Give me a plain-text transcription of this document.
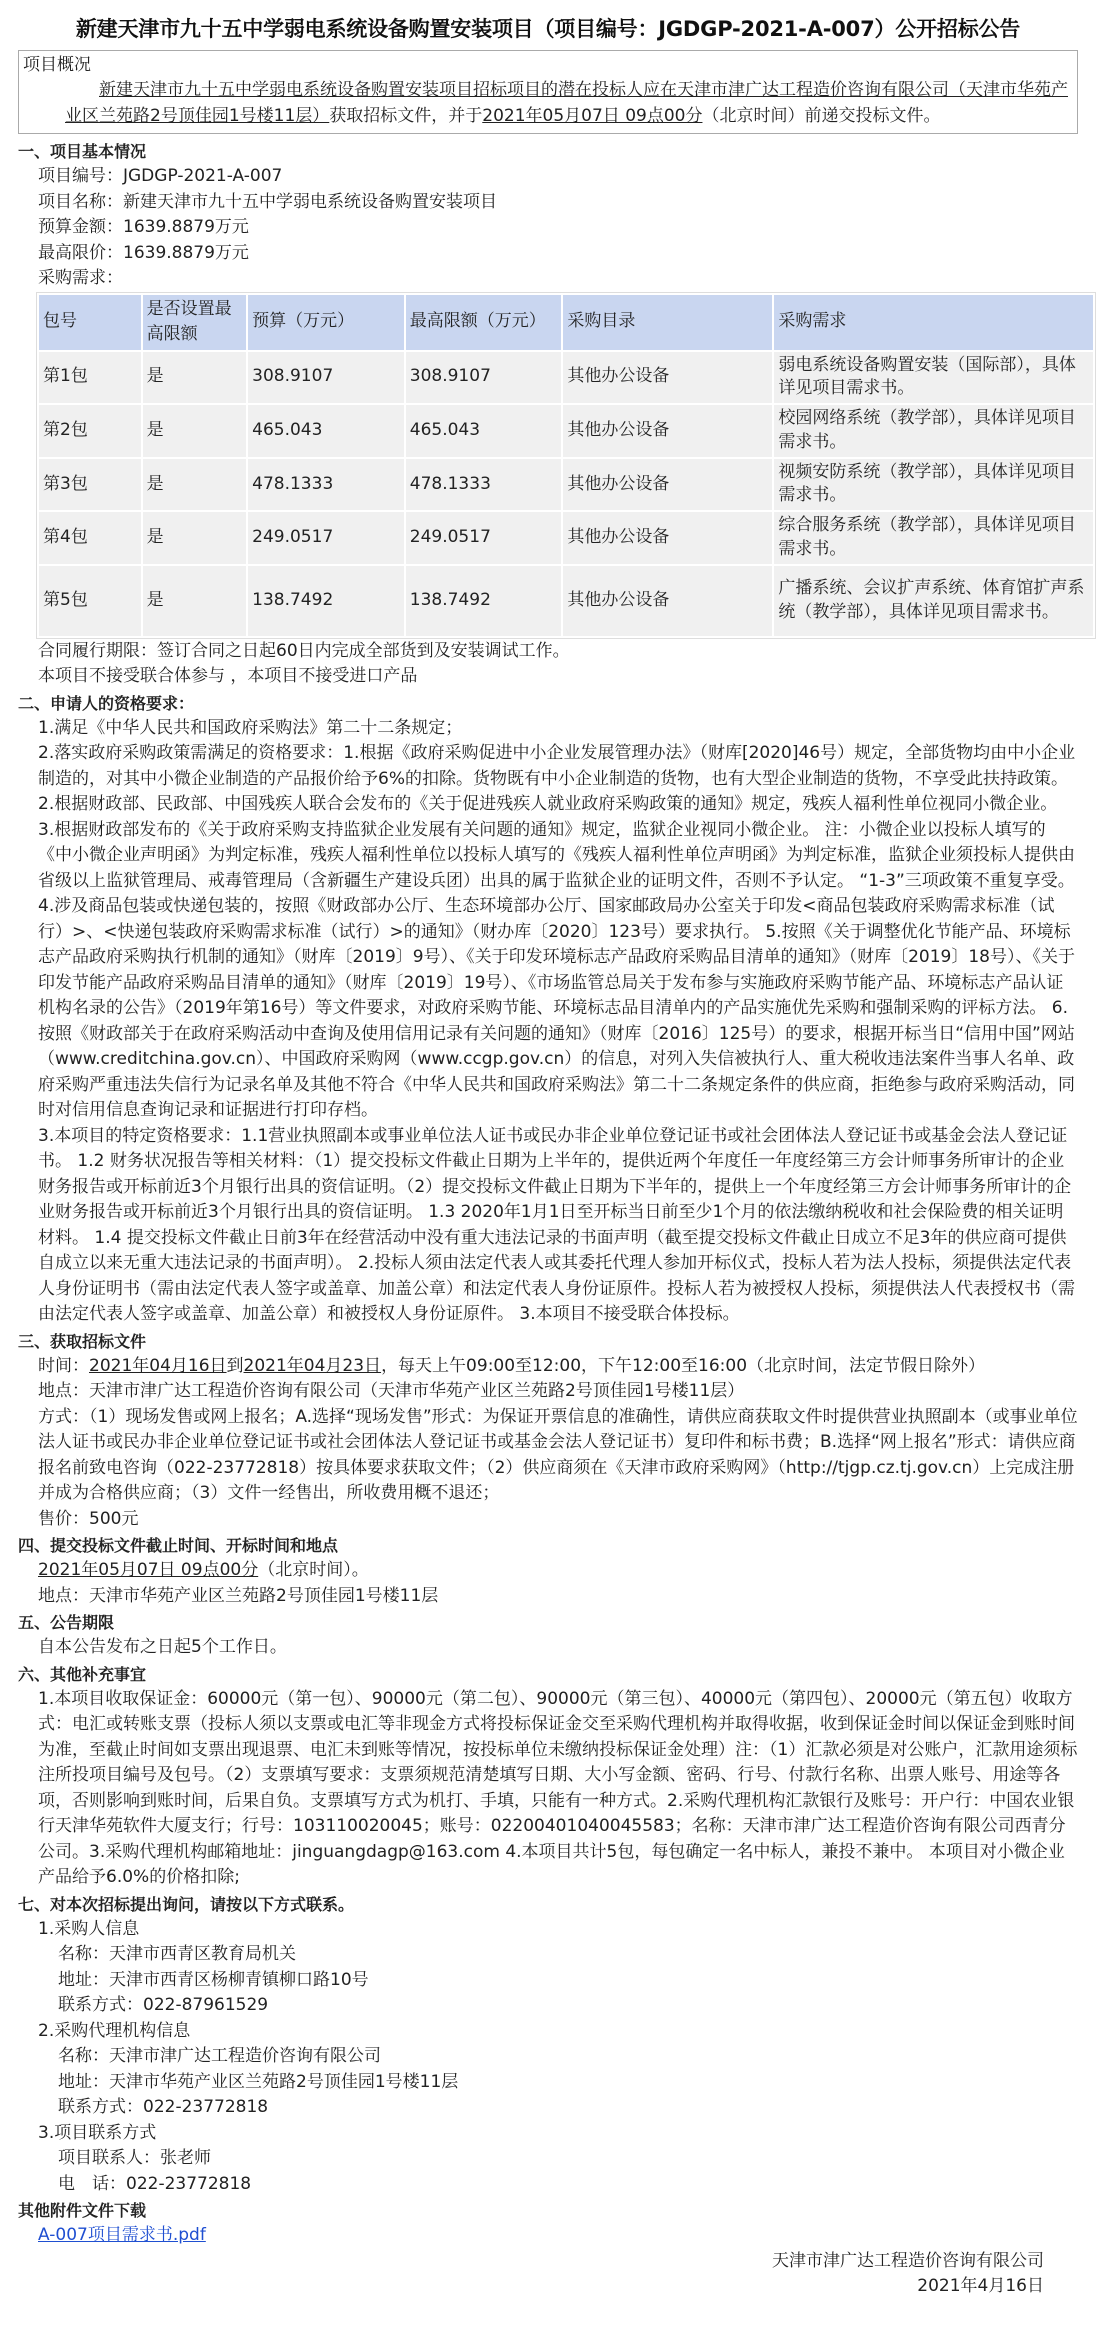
新建天津市九十五中学弱电系统设备购置安装项目（项目编号：JGDGP-2021-A-007）公开招标公告
项目概况
新建天津市九十五中学弱电系统设备购置安装项目招标项目的潜在投标人应在天津市津广达工程造价咨询有限公司（天津市华苑产业区兰苑路2号顶佳园1号楼11层）获取招标文件，并于2021年05月07日 09点00分（北京时间）前递交投标文件。
一、项目基本情况
项目编号：JGDGP-2021-A-007
项目名称：新建天津市九十五中学弱电系统设备购置安装项目
预算金额：1639.8879万元
最高限价：1639.8879万元
采购需求：
包号	是否设置最高限额	预算（万元）	最高限额（万元）	采购目录	采购需求
第1包	是	308.9107	308.9107	其他办公设备	弱电系统设备购置安装（国际部），具体详见项目需求书。
第2包	是	465.043	465.043	其他办公设备	校园网络系统（教学部），具体详见项目需求书。
第3包	是	478.1333	478.1333	其他办公设备	视频安防系统（教学部），具体详见项目需求书。
第4包	是	249.0517	249.0517	其他办公设备	综合服务系统（教学部），具体详见项目需求书。
第5包	是	138.7492	138.7492	其他办公设备	广播系统、会议扩声系统、体育馆扩声系统（教学部），具体详见项目需求书。
合同履行期限：签订合同之日起60日内完成全部货到及安装调试工作。
本项目不接受联合体参与 ，本项目不接受进口产品
二、申请人的资格要求：
1.满足《中华人民共和国政府采购法》第二十二条规定；
2.落实政府采购政策需满足的资格要求：1.根据《政府采购促进中小企业发展管理办法》（财库[2020]46号）规定，全部货物均由中小企业制造的，对其中小微企业制造的产品报价给予6%的扣除。货物既有中小企业制造的货物，也有大型企业制造的货物，不享受此扶持政策。 2.根据财政部、民政部、中国残疾人联合会发布的《关于促进残疾人就业政府采购政策的通知》规定，残疾人福利性单位视同小微企业。 3.根据财政部发布的《关于政府采购支持监狱企业发展有关问题的通知》规定，监狱企业视同小微企业。 注：小微企业以投标人填写的《中小微企业声明函》为判定标准，残疾人福利性单位以投标人填写的《残疾人福利性单位声明函》为判定标准，监狱企业须投标人提供由省级以上监狱管理局、戒毒管理局（含新疆生产建设兵团）出具的属于监狱企业的证明文件，否则不予认定。 “1-3”三项政策不重复享受。 4.涉及商品包装或快递包装的，按照《财政部办公厅、生态环境部办公厅、国家邮政局办公室关于印发<商品包装政府采购需求标准（试行）>、<快递包装政府采购需求标准（试行）>的通知》（财办库〔2020〕123号）要求执行。 5.按照《关于调整优化节能产品、环境标志产品政府采购执行机制的通知》（财库〔2019〕9号）、《关于印发环境标志产品政府采购品目清单的通知》（财库〔2019〕18号）、《关于印发节能产品政府采购品目清单的通知》（财库〔2019〕19号）、《市场监管总局关于发布参与实施政府采购节能产品、环境标志产品认证机构名录的公告》（2019年第16号）等文件要求，对政府采购节能、环境标志品目清单内的产品实施优先采购和强制采购的评标方法。 6.按照《财政部关于在政府采购活动中查询及使用信用记录有关问题的通知》（财库〔2016〕125号）的要求，根据开标当日“信用中国”网站（www.creditchina.gov.cn）、中国政府采购网（www.ccgp.gov.cn）的信息，对列入失信被执行人、重大税收违法案件当事人名单、政府采购严重违法失信行为记录名单及其他不符合《中华人民共和国政府采购法》第二十二条规定条件的供应商，拒绝参与政府采购活动，同时对信用信息查询记录和证据进行打印存档。
3.本项目的特定资格要求：1.1营业执照副本或事业单位法人证书或民办非企业单位登记证书或社会团体法人登记证书或基金会法人登记证书。 1.2 财务状况报告等相关材料：（1）提交投标文件截止日期为上半年的，提供近两个年度任一年度经第三方会计师事务所审计的企业财务报告或开标前近3个月银行出具的资信证明。（2）提交投标文件截止日期为下半年的，提供上一个年度经第三方会计师事务所审计的企业财务报告或开标前近3个月银行出具的资信证明。 1.3 2020年1月1日至开标当日前至少1个月的依法缴纳税收和社会保险费的相关证明材料。 1.4 提交投标文件截止日前3年在经营活动中没有重大违法记录的书面声明（截至提交投标文件截止日成立不足3年的供应商可提供自成立以来无重大违法记录的书面声明）。 2.投标人须由法定代表人或其委托代理人参加开标仪式，投标人若为法人投标，须提供法定代表人身份证明书（需由法定代表人签字或盖章、加盖公章）和法定代表人身份证原件。投标人若为被授权人投标，须提供法人代表授权书（需由法定代表人签字或盖章、加盖公章）和被授权人身份证原件。 3.本项目不接受联合体投标。
三、获取招标文件
时间：2021年04月16日到2021年04月23日，每天上午09:00至12:00，下午12:00至16:00（北京时间，法定节假日除外）
地点：天津市津广达工程造价咨询有限公司（天津市华苑产业区兰苑路2号顶佳园1号楼11层）
方式：（1）现场发售或网上报名；A.选择“现场发售”形式：为保证开票信息的准确性，请供应商获取文件时提供营业执照副本（或事业单位法人证书或民办非企业单位登记证书或社会团体法人登记证书或基金会法人登记证书）复印件和标书费；B.选择“网上报名”形式：请供应商报名前致电咨询（022-23772818）按具体要求获取文件；（2）供应商须在《天津市政府采购网》（http://tjgp.cz.tj.gov.cn）上完成注册并成为合格供应商；（3）文件一经售出，所收费用概不退还；
售价：500元
四、提交投标文件截止时间、开标时间和地点
2021年05月07日 09点00分（北京时间）。
地点：天津市华苑产业区兰苑路2号顶佳园1号楼11层
五、公告期限
自本公告发布之日起5个工作日。
六、其他补充事宜
1.本项目收取保证金：60000元（第一包）、90000元（第二包）、90000元（第三包）、40000元（第四包）、20000元（第五包）收取方式：电汇或转账支票（投标人须以支票或电汇等非现金方式将投标保证金交至采购代理机构并取得收据，收到保证金时间以保证金到账时间为准，至截止时间如支票出现退票、电汇未到账等情况，按投标单位未缴纳投标保证金处理）注：（1）汇款必须是对公账户，汇款用途须标注所投项目编号及包号。（2）支票填写要求：支票须规范清楚填写日期、大小写金额、密码、行号、付款行名称、出票人账号、用途等各项，否则影响到账时间，后果自负。支票填写方式为机打、手填，只能有一种方式。2.采购代理机构汇款银行及账号：开户行：中国农业银行天津华苑软件大厦支行；行号：103110020045；账号：02200401040045583；名称：天津市津广达工程造价咨询有限公司西青分公司。3.采购代理机构邮箱地址：jinguangdagp@163.com 4.本项目共计5包，每包确定一名中标人，兼投不兼中。 本项目对小微企业产品给予6.0%的价格扣除;
七、对本次招标提出询问，请按以下方式联系。
1.采购人信息
名称：天津市西青区教育局机关
地址：天津市西青区杨柳青镇柳口路10号
联系方式：022-87961529
2.采购代理机构信息
名称：天津市津广达工程造价咨询有限公司
地址：天津市华苑产业区兰苑路2号顶佳园1号楼11层
联系方式：022-23772818
3.项目联系方式
项目联系人：张老师
电　话：022-23772818
其他附件文件下载
A-007项目需求书.pdf
天津市津广达工程造价咨询有限公司
2021年4月16日
